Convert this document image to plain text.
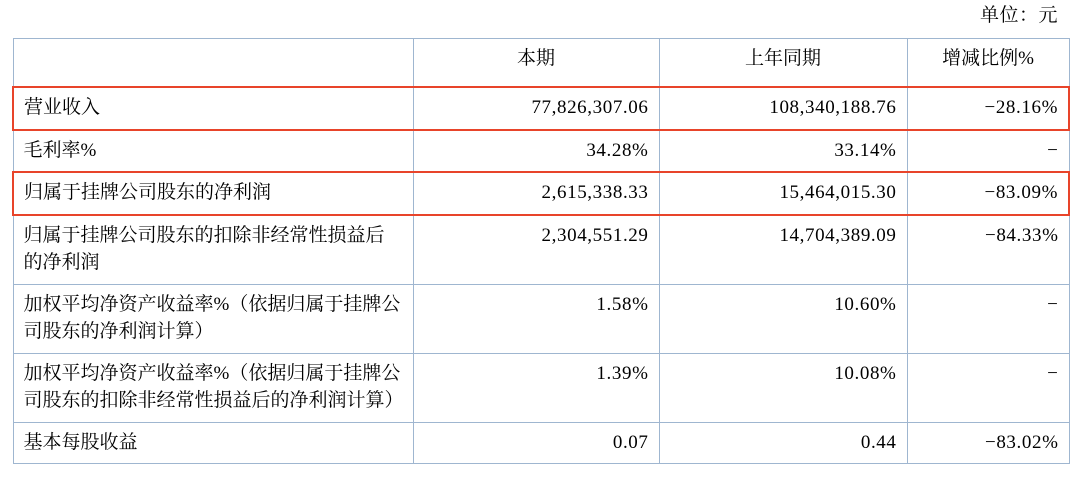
单位：元
	本期	上年同期	增减比例%
营业收入	77,826,307.06	108,340,188.76	−28.16%
毛利率%	34.28%	33.14%	−
归属于挂牌公司股东的净利润	2,615,338.33	15,464,015.30	−83.09%
归属于挂牌公司股东的扣除非经常性损益后的净利润	2,304,551.29	14,704,389.09	−84.33%
加权平均净资产收益率%（依据归属于挂牌公司股东的净利润计算）	1.58%	10.60%	−
加权平均净资产收益率%（依据归属于挂牌公司股东的扣除非经常性损益后的净利润计算）	1.39%	10.08%	−
基本每股收益	0.07	0.44	−83.02%
